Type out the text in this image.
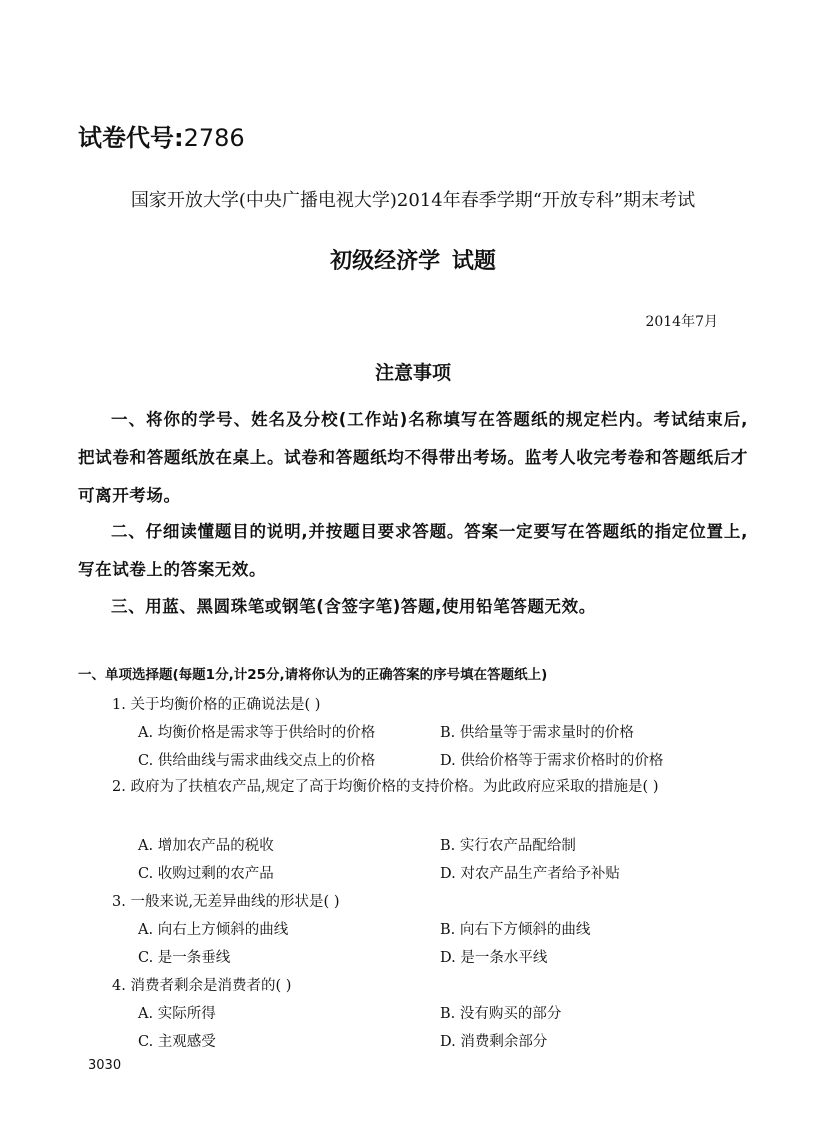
试卷代号:2786
国家开放大学(中央广播电视大学)2014年春季学期“开放专科”期末考试
初级经济学 试题
2014年7月
注意事项
一、将你的学号、姓名及分校(工作站)名称填写在答题纸的规定栏内。考试结束后,把试卷和答题纸放在桌上。试卷和答题纸均不得带出考场。监考人收完考卷和答题纸后才可离开考场。
二、仔细读懂题目的说明,并按题目要求答题。答案一定要写在答题纸的指定位置上,写在试卷上的答案无效。
三、用蓝、黑圆珠笔或钢笔(含签字笔)答题,使用铅笔答题无效。
一、单项选择题(每题1分,计25分,请将你认为的正确答案的序号填在答题纸上)
1. 关于均衡价格的正确说法是( )
A. 均衡价格是需求等于供给时的价格	B. 供给量等于需求量时的价格
C. 供给曲线与需求曲线交点上的价格	D. 供给价格等于需求价格时的价格
2. 政府为了扶植农产品,规定了高于均衡价格的支持价格。为此政府应采取的措施是( )
A. 增加农产品的税收	B. 实行农产品配给制
C. 收购过剩的农产品	D. 对农产品生产者给予补贴
3. 一般来说,无差异曲线的形状是( )
A. 向右上方倾斜的曲线	B. 向右下方倾斜的曲线
C. 是一条垂线	D. 是一条水平线
4. 消费者剩余是消费者的( )
A. 实际所得	B. 没有购买的部分
C. 主观感受	D. 消费剩余部分
3030
